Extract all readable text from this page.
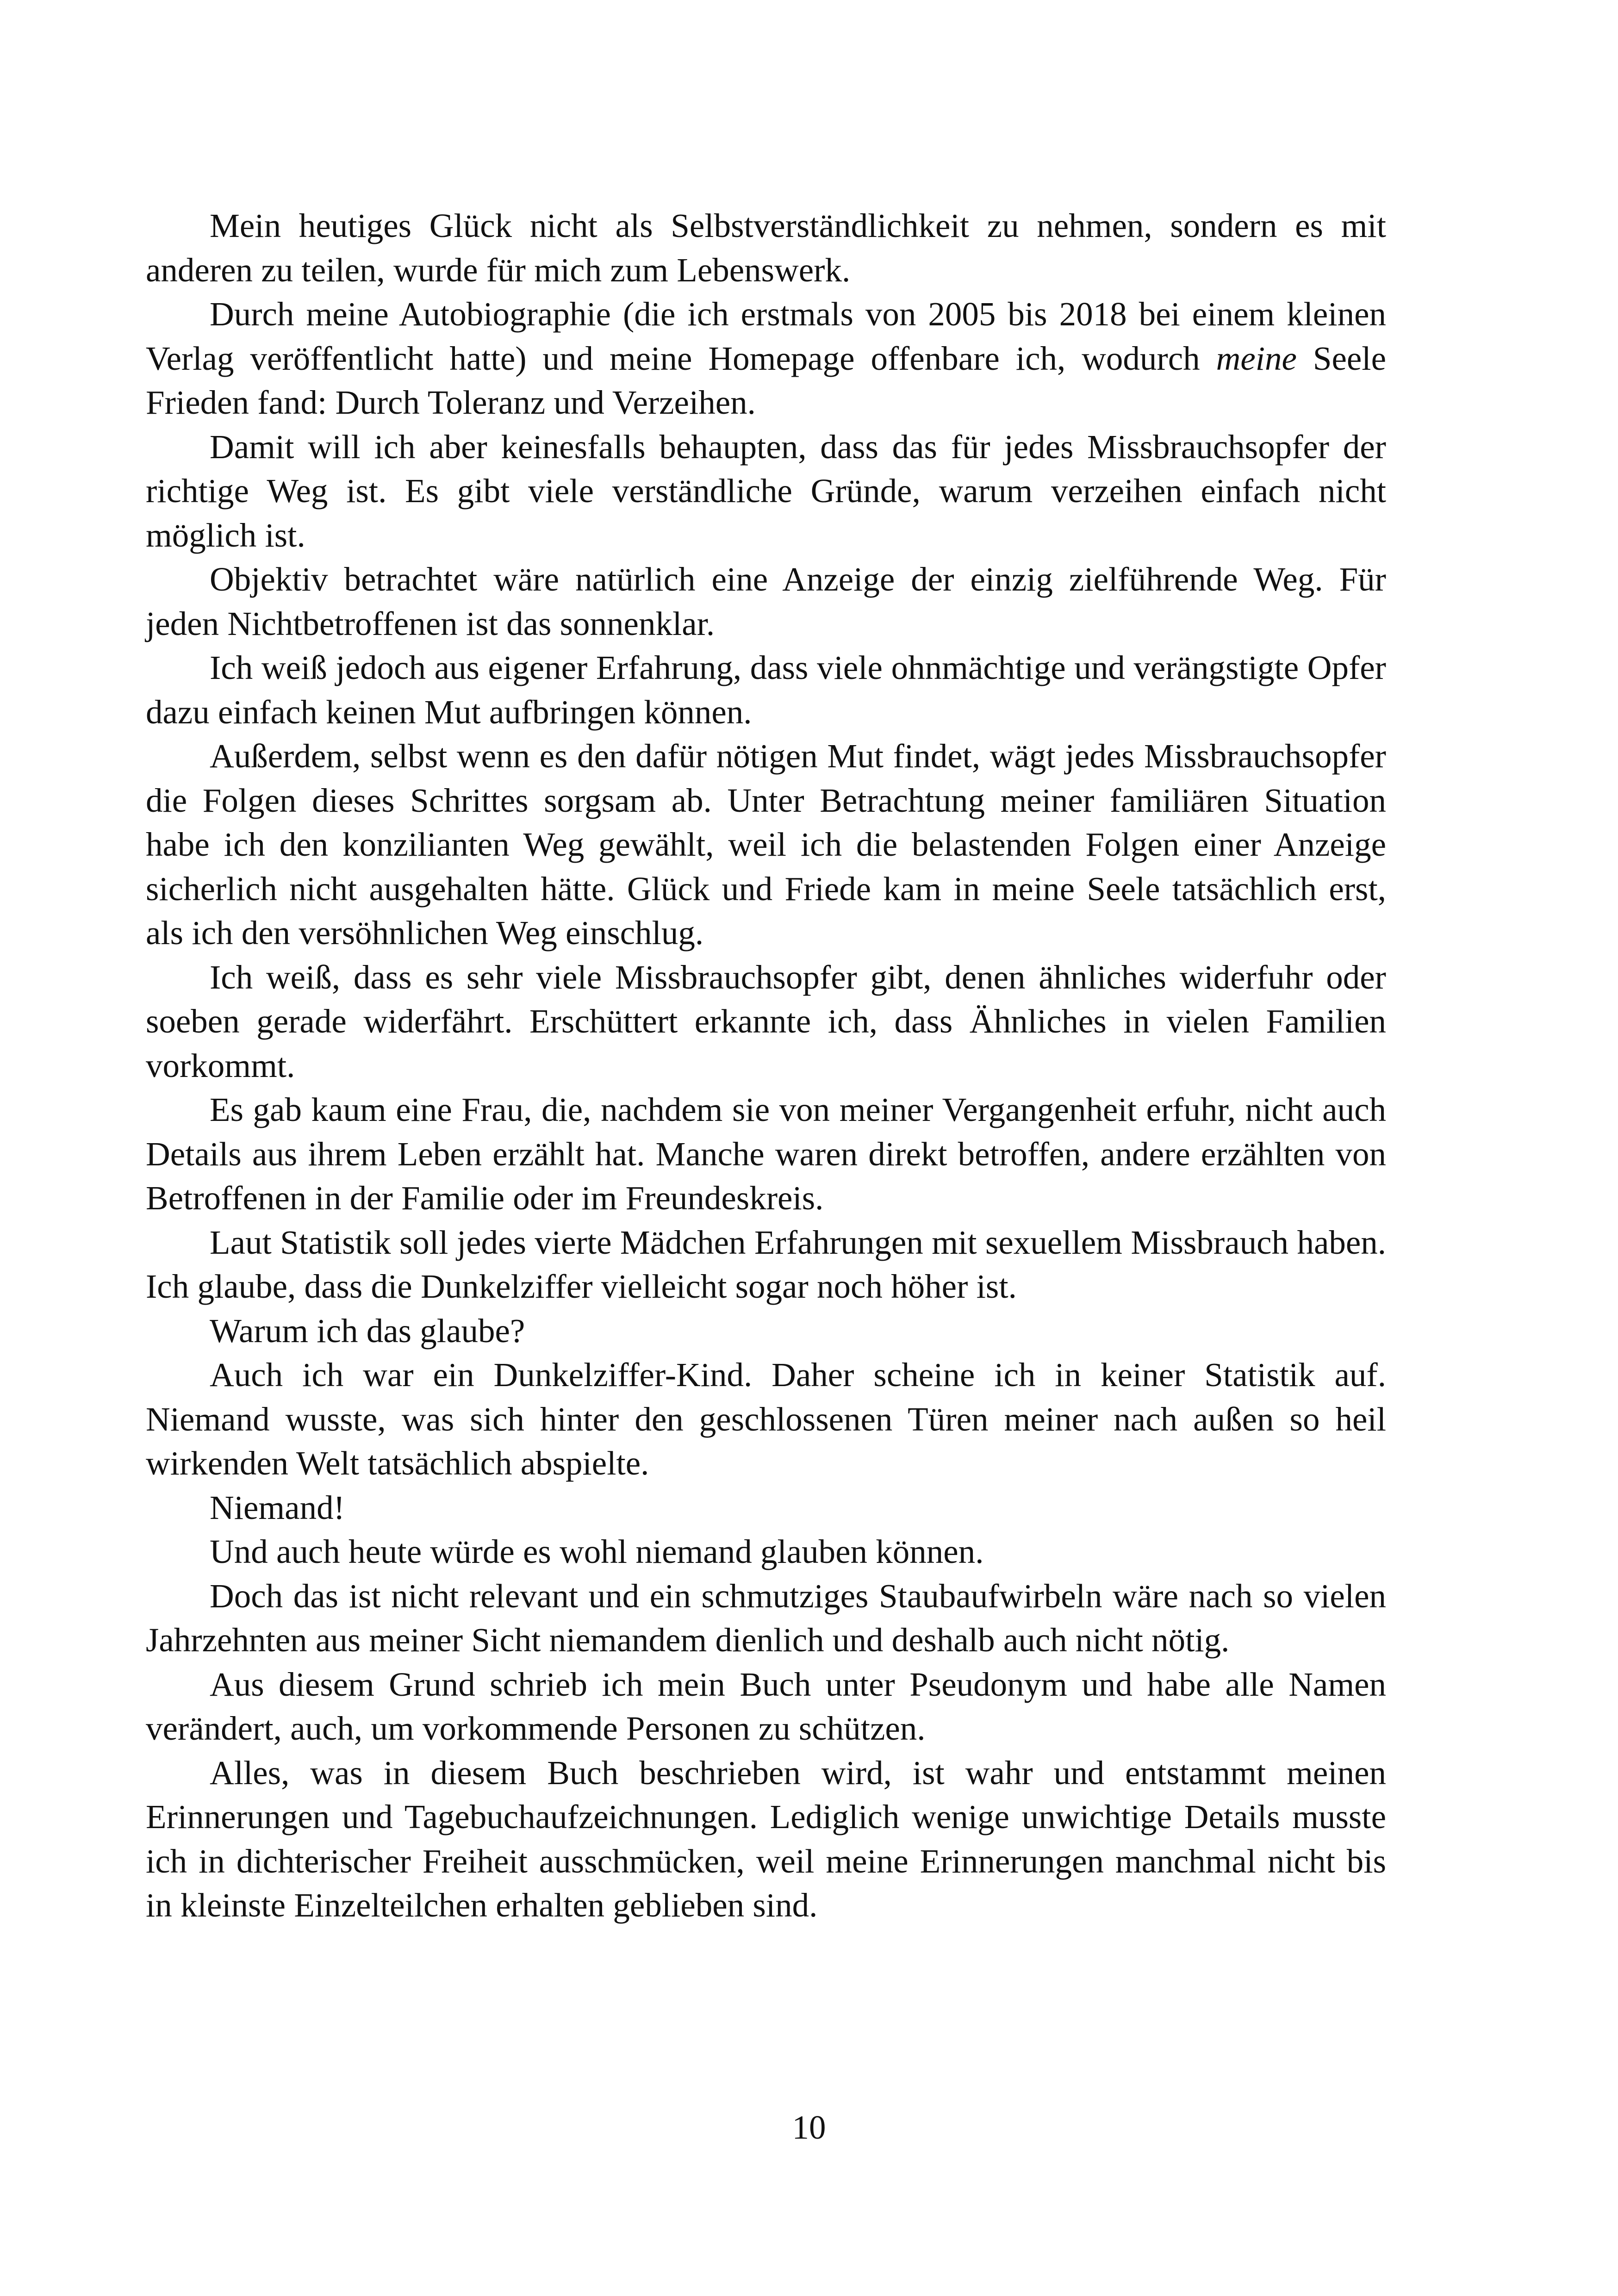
Mein heutiges Glück nicht als Selbstverständlichkeit zu nehmen, sondern es mit anderen zu teilen, wurde für mich zum Lebenswerk.

Durch meine Autobiographie (die ich erstmals von 2005 bis 2018 bei einem kleinen Verlag veröffentlicht hatte) und meine Homepage offenbare ich, wodurch meine Seele Frieden fand: Durch Toleranz und Verzeihen.

Damit will ich aber keinesfalls behaupten, dass das für jedes Missbrauchsopfer der richtige Weg ist. Es gibt viele verständliche Gründe, warum verzeihen einfach nicht möglich ist.

Objektiv betrachtet wäre natürlich eine Anzeige der einzig zielführende Weg. Für jeden Nichtbetroffenen ist das sonnenklar.

Ich weiß jedoch aus eigener Erfahrung, dass viele ohnmächtige und verängstigte Opfer dazu einfach keinen Mut aufbringen können.

Außerdem, selbst wenn es den dafür nötigen Mut findet, wägt jedes Missbrauchsopfer die Folgen dieses Schrittes sorgsam ab. Unter Betrachtung meiner familiären Situation habe ich den konzilianten Weg gewählt, weil ich die belastenden Folgen einer Anzeige sicherlich nicht ausgehalten hätte. Glück und Friede kam in meine Seele tatsächlich erst, als ich den versöhnlichen Weg einschlug.

Ich weiß, dass es sehr viele Missbrauchsopfer gibt, denen ähnliches widerfuhr oder soeben gerade widerfährt. Erschüttert erkannte ich, dass Ähnliches in vielen Familien vorkommt.

Es gab kaum eine Frau, die, nachdem sie von meiner Vergangenheit erfuhr, nicht auch Details aus ihrem Leben erzählt hat. Manche waren direkt betroffen, andere erzählten von Betroffenen in der Familie oder im Freundeskreis.

Laut Statistik soll jedes vierte Mädchen Erfahrungen mit sexuellem Missbrauch haben. Ich glaube, dass die Dunkelziffer vielleicht sogar noch höher ist.

Warum ich das glaube?

Auch ich war ein Dunkelziffer-Kind. Daher scheine ich in keiner Statistik auf. Niemand wusste, was sich hinter den geschlossenen Türen meiner nach außen so heil wirkenden Welt tatsächlich abspielte.

Niemand!

Und auch heute würde es wohl niemand glauben können.

Doch das ist nicht relevant und ein schmutziges Staubaufwirbeln wäre nach so vielen Jahrzehnten aus meiner Sicht niemandem dienlich und deshalb auch nicht nötig.

Aus diesem Grund schrieb ich mein Buch unter Pseudonym und habe alle Namen verändert, auch, um vorkommende Personen zu schützen.

Alles, was in diesem Buch beschrieben wird, ist wahr und entstammt meinen Erinnerungen und Tagebuchaufzeichnungen. Lediglich wenige unwichtige Details musste ich in dichterischer Freiheit ausschmücken, weil meine Erinnerungen manchmal nicht bis in kleinste Einzelteilchen erhalten geblieben sind.

10
